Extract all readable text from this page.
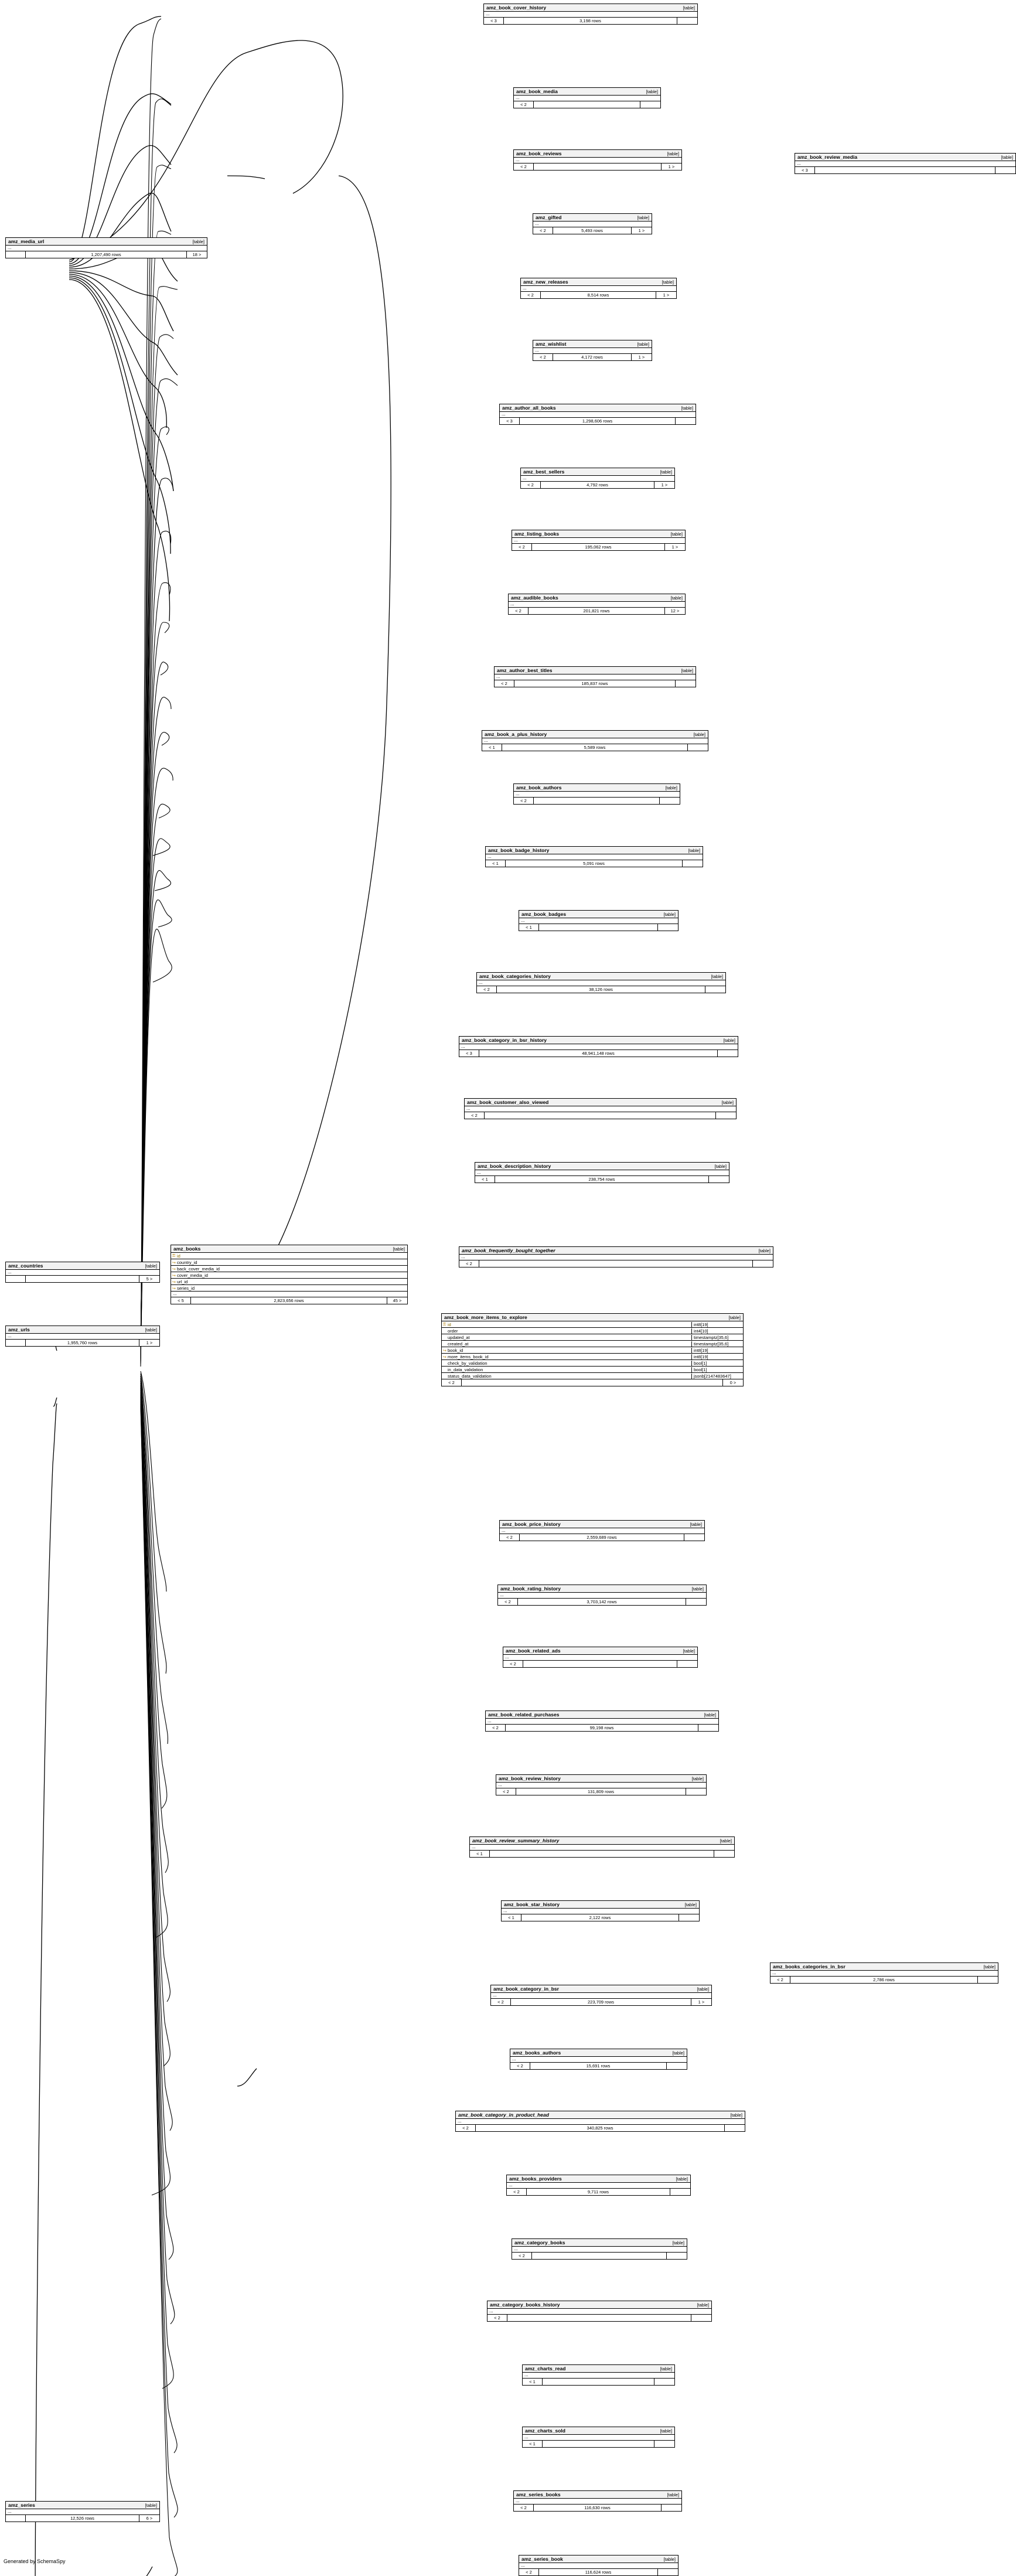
amz_book_cover_history	[table]
...
< 3	3,198 rows
amz_book_media	[table]
...
< 2
amz_book_reviews	[table]
...
< 2	1 >
amz_book_review_media	[table]
...
< 3
amz_gifted	[table]
...
< 2	5,493 rows	1 >
amz_new_releases	[table]
...
< 2	8,514 rows	1 >
amz_wishlist	[table]
...
< 2	4,172 rows	1 >
amz_author_all_books	[table]
...
< 3	1,298,606 rows
amz_best_sellers	[table]
...
< 2	4,792 rows	1 >
amz_listing_books	[table]
...
< 2	195,062 rows	1 >
amz_audible_books	[table]
...
< 2	201,821 rows	12 >
amz_author_best_titles	[table]
...
< 2	185,837 rows
amz_book_a_plus_history	[table]
...
< 1	5,589 rows
amz_book_authors	[table]
...
< 2
amz_book_badge_history	[table]
...
< 1	5,091 rows
amz_book_badges	[table]
...
< 1
amz_book_categories_history	[table]
...
< 2	38,126 rows
amz_book_category_in_bsr_history	[table]
...
< 3	48,941,148 rows
amz_book_customer_also_viewed	[table]
...
< 2
amz_book_description_history	[table]
...
< 1	238,754 rows
amz_book_frequently_bought_together	[table]
...
< 2
amz_book_price_history	[table]
...
< 2	2,559,689 rows
amz_book_rating_history	[table]
...
< 2	3,703,142 rows
amz_book_related_ads	[table]
...
< 2
amz_book_related_purchases	[table]
...
< 2	99,198 rows
amz_book_review_history	[table]
...
< 2	131,809 rows
amz_book_review_summary_history	[table]
...
< 1
amz_book_star_history	[table]
...
< 1	2,122 rows
amz_book_category_in_bsr	[table]
...
< 2	223,709 rows	1 >
amz_books_categories_in_bsr	[table]
...
< 2	2,786 rows
amz_books_authors	[table]
...
< 2	15,691 rows
amz_book_category_in_product_head	[table]
...
< 2	340,825 rows
amz_books_providers	[table]
...
< 2	9,711 rows
amz_category_books	[table]
...
< 2
amz_category_books_history	[table]
...
< 2
amz_charts_read	[table]
...
< 1
amz_charts_sold	[table]
...
< 1
amz_series_books	[table]
...
< 2	116,630 rows
amz_series_book	[table]
...
< 2	116,624 rows
amz_media_url	[table]
...
1,207,490 rows	18 >
amz_countries	[table]
...
5 >
amz_urls	[table]
...
1,955,760 rows	1 >
amz_series	[table]
...
12,526 rows	6 >
amz_books	[table]
⚿ id
↪ country_id
↪ back_cover_media_id
↪ cover_media_id
↪ url_id
↪ series_id
...
< 5	2,823,656 rows	45 >
amz_book_more_items_to_explore	[table]
⚿ id	int8[19]
order	int4[10]
updated_at	timestamptz[35,6]
created_at	timestamptz[35,6]
↪ book_id	int8[19]
↪ more_items_book_id	int8[19]
check_by_validation	bool[1]
in_data_validation	bool[1]
status_data_validation	jsonb[2147483647]
< 2	0 >
Generated by SchemaSpy
